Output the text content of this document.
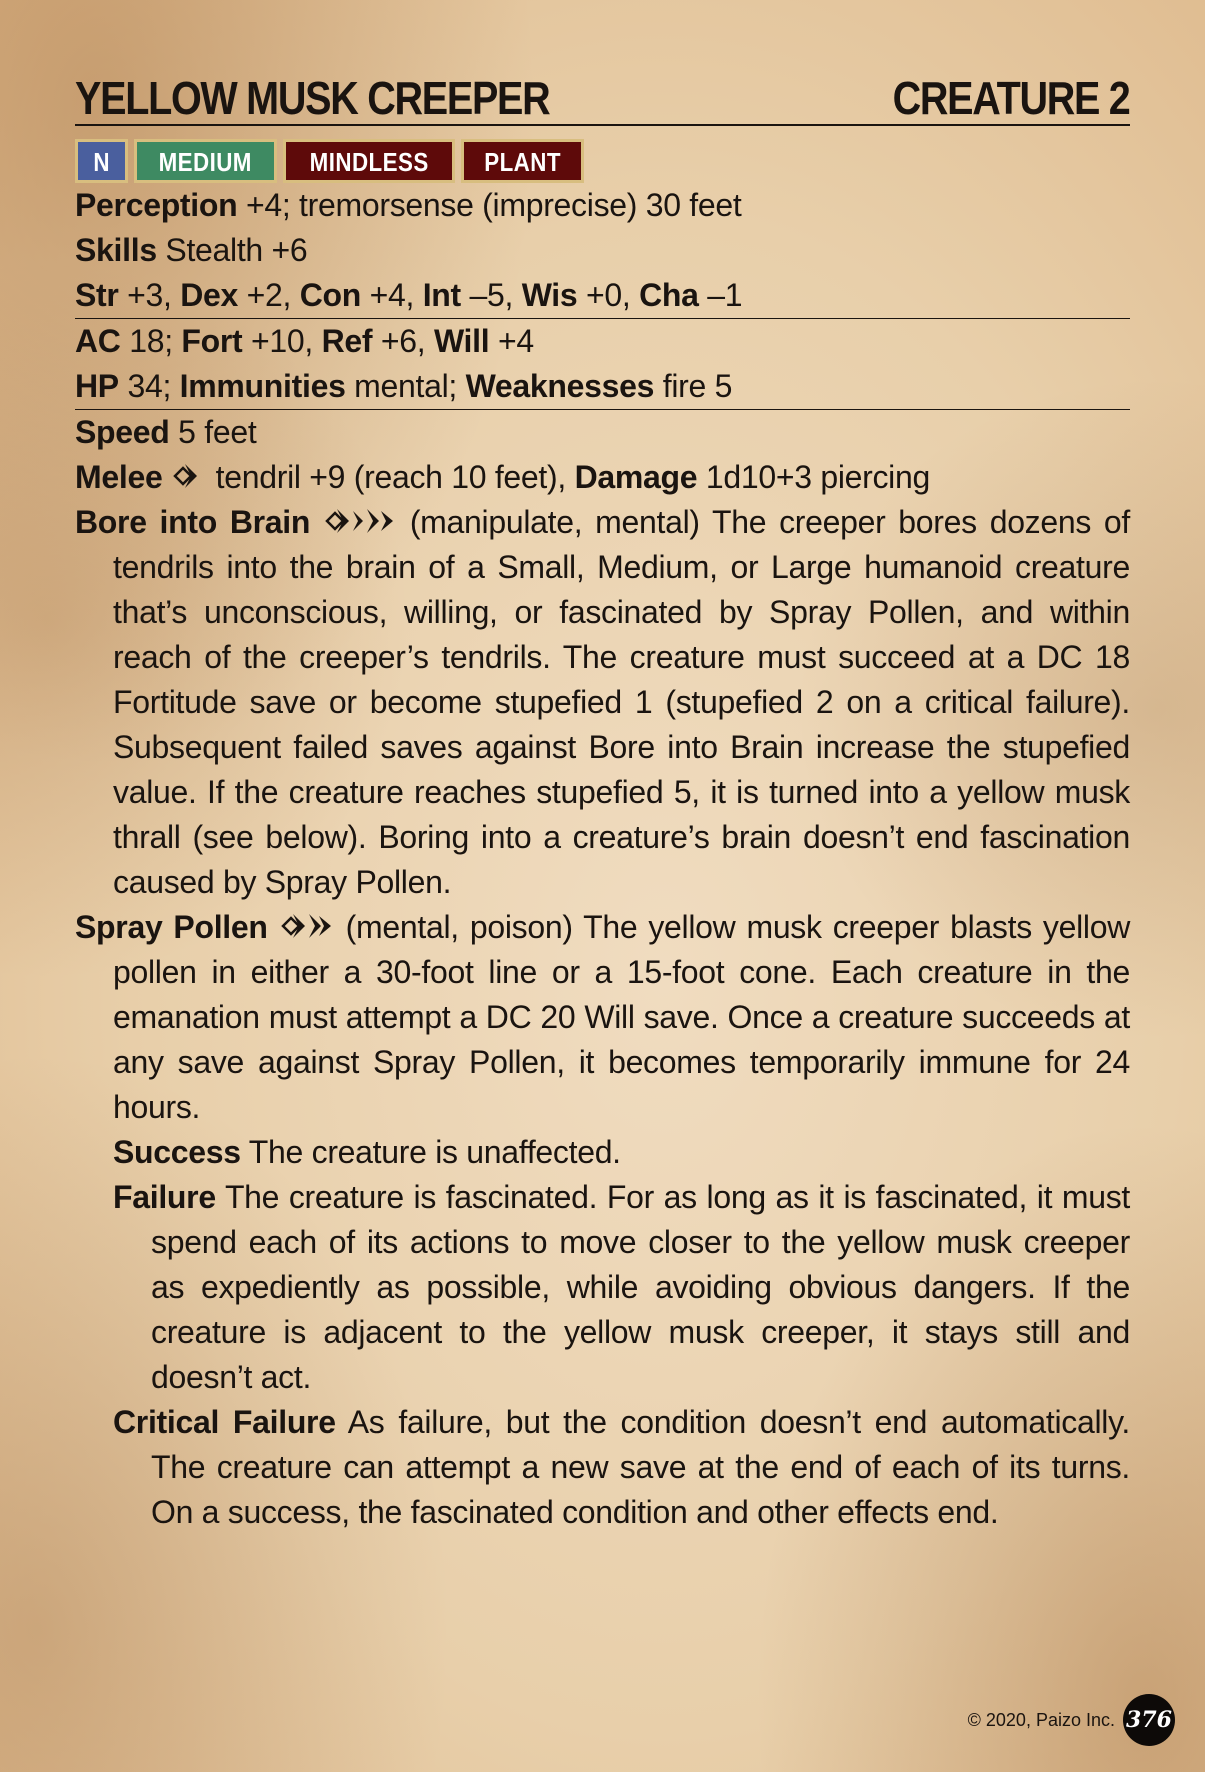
YELLOW MUSK CREEPER	CREATURE 2
N	MEDIUM	MINDLESS	PLANT
Perception +4; tremorsense (imprecise) 30 feet
Skills Stealth +6
Str +3, Dex +2, Con +4, Int –5, Wis +0, Cha –1
AC 18; Fort +10, Ref +6, Will +4
HP 34; Immunities mental; Weaknesses fire 5
Speed 5 feet
Melee tendril +9 (reach 10 feet), Damage 1d10+3 piercing
Bore into Brain	(manipulate, mental) The creeper bores dozens of tendrils into the brain of a Small, Medium, or Large humanoid creature that’s unconscious, willing, or fascinated by Spray Pollen, and within reach of the creeper’s tendrils. The creature must succeed at a DC 18 Fortitude save or become stupefied 1 (stupefied 2 on a critical failure). Subsequent failed saves against Bore into Brain increase the stupefied value. If the creature reaches stupefied 5, it is turned into a yellow musk thrall (see below). Boring into a creature’s brain doesn’t end fascination caused by Spray Pollen.
Spray Pollen (mental, poison) The yellow musk creeper blasts yellow pollen in either a 30-foot line or a 15-foot cone. Each creature in the emanation must attempt a DC 20 Will save. Once a creature succeeds at any save against Spray Pollen, it becomes temporarily immune for 24 hours.
Success The creature is unaffected.
Failure The creature is fascinated. For as long as it is fascinated, it must spend each of its actions to move closer to the yellow musk creeper as expediently as possible, while avoiding obvious dangers. If the creature is adjacent to the yellow musk creeper, it stays still and doesn’t act.
Critical Failure As failure, but the condition doesn’t end automatically. The creature can attempt a new save at the end of each of its turns. On a success, the fascinated condition and other effects end.
© 2020, Paizo Inc. 376
